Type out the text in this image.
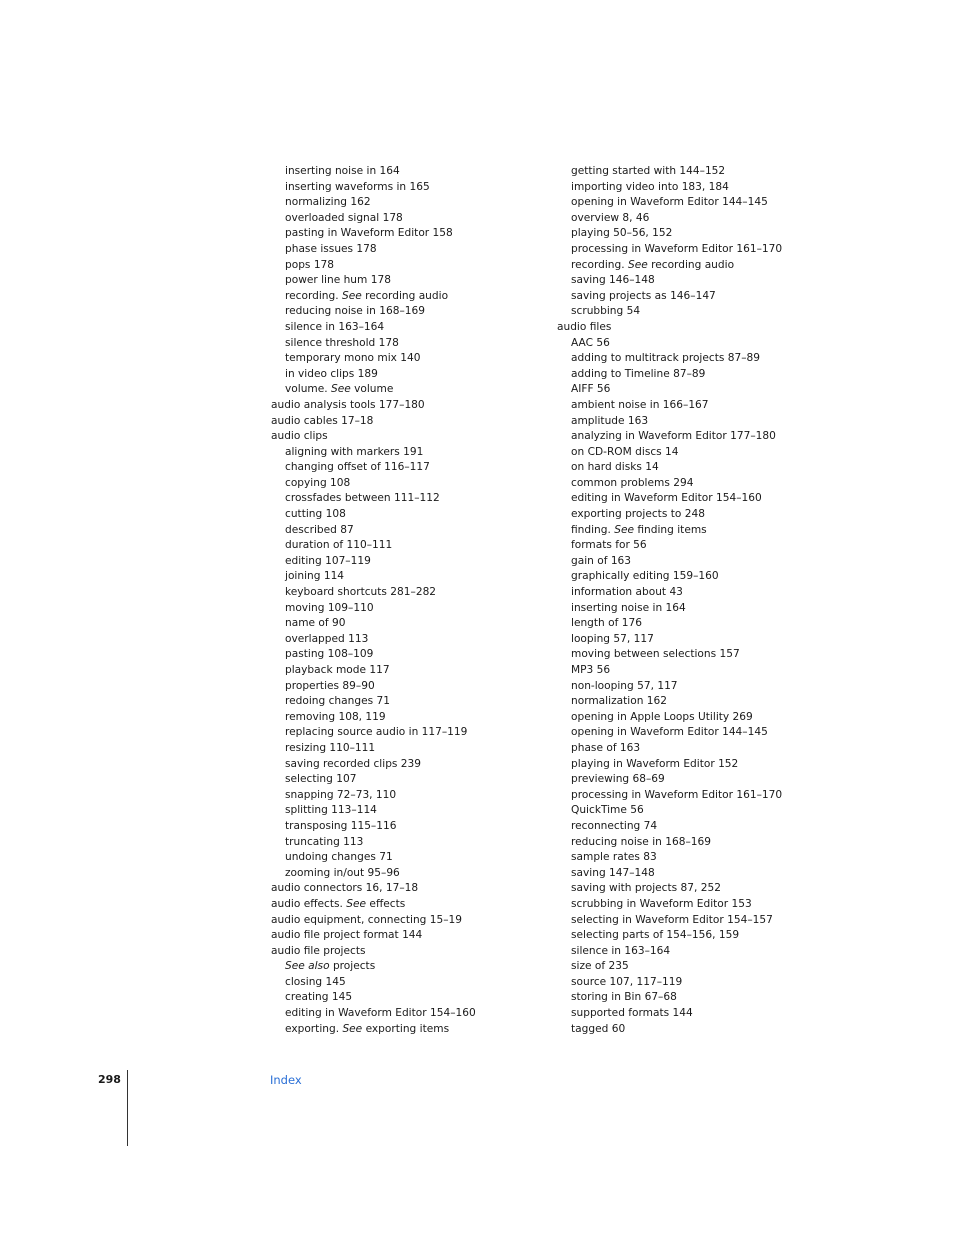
inserting noise in 164
inserting waveforms in 165
normalizing 162
overloaded signal 178
pasting in Waveform Editor 158
phase issues 178
pops 178
power line hum 178
recording. See recording audio
reducing noise in 168–169
silence in 163–164
silence threshold 178
temporary mono mix 140
in video clips 189
volume. See volume
audio analysis tools 177–180
audio cables 17–18
audio clips
aligning with markers 191
changing offset of 116–117
copying 108
crossfades between 111–112
cutting 108
described 87
duration of 110–111
editing 107–119
joining 114
keyboard shortcuts 281–282
moving 109–110
name of 90
overlapped 113
pasting 108–109
playback mode 117
properties 89–90
redoing changes 71
removing 108, 119
replacing source audio in 117–119
resizing 110–111
saving recorded clips 239
selecting 107
snapping 72–73, 110
splitting 113–114
transposing 115–116
truncating 113
undoing changes 71
zooming in/out 95–96
audio connectors 16, 17–18
audio effects. See effects
audio equipment, connecting 15–19
audio file project format 144
audio file projects
See also projects
closing 145
creating 145
editing in Waveform Editor 154–160
exporting. See exporting items
getting started with 144–152
importing video into 183, 184
opening in Waveform Editor 144–145
overview 8, 46
playing 50–56, 152
processing in Waveform Editor 161–170
recording. See recording audio
saving 146–148
saving projects as 146–147
scrubbing 54
audio files
AAC 56
adding to multitrack projects 87–89
adding to Timeline 87–89
AIFF 56
ambient noise in 166–167
amplitude 163
analyzing in Waveform Editor 177–180
on CD-ROM discs 14
on hard disks 14
common problems 294
editing in Waveform Editor 154–160
exporting projects to 248
finding. See finding items
formats for 56
gain of 163
graphically editing 159–160
information about 43
inserting noise in 164
length of 176
looping 57, 117
moving between selections 157
MP3 56
non-looping 57, 117
normalization 162
opening in Apple Loops Utility 269
opening in Waveform Editor 144–145
phase of 163
playing in Waveform Editor 152
previewing 68–69
processing in Waveform Editor 161–170
QuickTime 56
reconnecting 74
reducing noise in 168–169
sample rates 83
saving 147–148
saving with projects 87, 252
scrubbing in Waveform Editor 153
selecting in Waveform Editor 154–157
selecting parts of 154–156, 159
silence in 163–164
size of 235
source 107, 117–119
storing in Bin 67–68
supported formats 144
tagged 60
298	Index
